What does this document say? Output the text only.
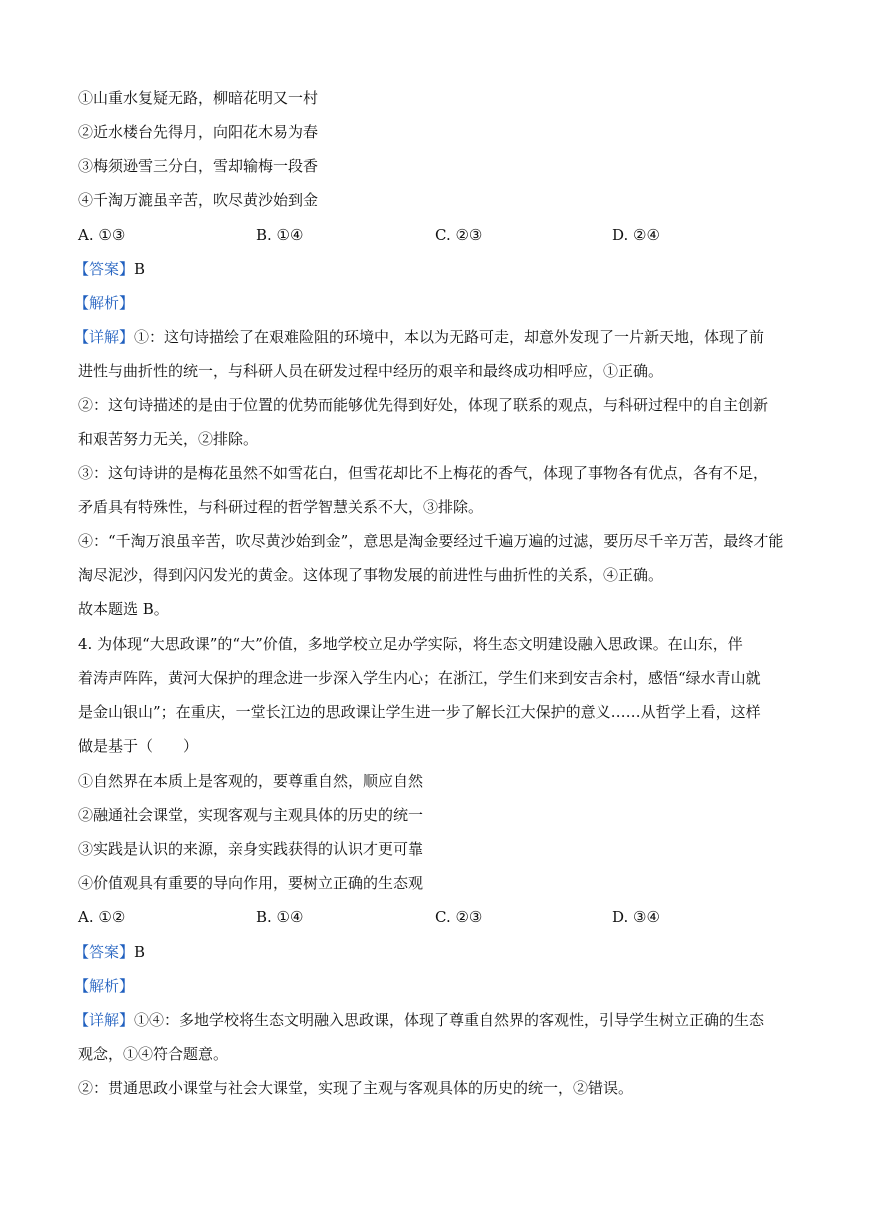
①山重水复疑无路，柳暗花明又一村
②近水楼台先得月，向阳花木易为春
③梅须逊雪三分白，雪却输梅一段香
④千淘万漉虽辛苦，吹尽黄沙始到金
A. ①③	B. ①④	C. ②③	D. ②④
【答案】B
【解析】
【详解】①：这句诗描绘了在艰难险阻的环境中，本以为无路可走，却意外发现了一片新天地，体现了前
进性与曲折性的统一，与科研人员在研发过程中经历的艰辛和最终成功相呼应，①正确。
②：这句诗描述的是由于位置的优势而能够优先得到好处，体现了联系的观点，与科研过程中的自主创新
和艰苦努力无关，②排除。
③：这句诗讲的是梅花虽然不如雪花白，但雪花却比不上梅花的香气，体现了事物各有优点，各有不足，
矛盾具有特殊性，与科研过程的哲学智慧关系不大，③排除。
④：“千淘万浪虽辛苦，吹尽黄沙始到金”，意思是淘金要经过千遍万遍的过滤，要历尽千辛万苦，最终才能
淘尽泥沙，得到闪闪发光的黄金。这体现了事物发展的前进性与曲折性的关系，④正确。
故本题选 B。
4. 为体现“大思政课”的“大”价值，多地学校立足办学实际，将生态文明建设融入思政课。在山东，伴
着涛声阵阵，黄河大保护的理念进一步深入学生内心；在浙江，学生们来到安吉余村，感悟“绿水青山就
是金山银山”；在重庆，一堂长江边的思政课让学生进一步了解长江大保护的意义……从哲学上看，这样
做是基于（　　）
①自然界在本质上是客观的，要尊重自然，顺应自然
②融通社会课堂，实现客观与主观具体的历史的统一
③实践是认识的来源，亲身实践获得的认识才更可靠
④价值观具有重要的导向作用，要树立正确的生态观
A. ①②	B. ①④	C. ②③	D. ③④
【答案】B
【解析】
【详解】①④：多地学校将生态文明融入思政课，体现了尊重自然界的客观性，引导学生树立正确的生态
观念，①④符合题意。
②：贯通思政小课堂与社会大课堂，实现了主观与客观具体的历史的统一，②错误。
